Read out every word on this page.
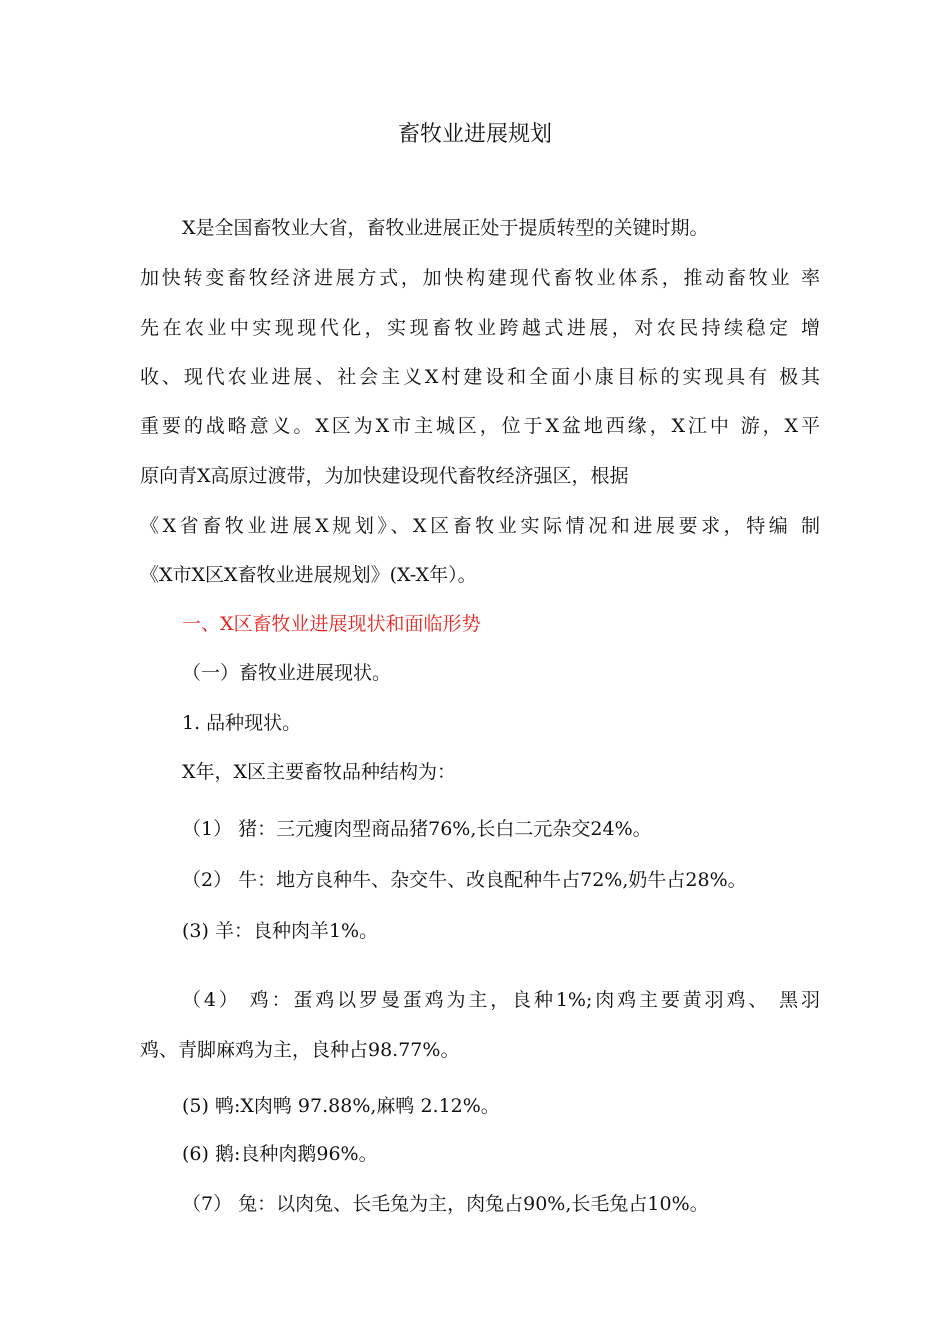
畜牧业进展规划
X是全国畜牧业大省，畜牧业进展正处于提质转型的关键时期。
加快转变畜牧经济进展方式，加快构建现代畜牧业体系，推动畜牧业 率
先在农业中实现现代化，实现畜牧业跨越式进展，对农民持续稳定 增
收、现代农业进展、社会主义X村建设和全面小康目标的实现具有 极其
重要的战略意义。X区为X市主城区，位于X盆地西缘，X江中 游，X平
原向青X高原过渡带，为加快建设现代畜牧经济强区，根据
《X省畜牧业进展X规划》、X区畜牧业实际情况和进展要求，特编 制
《X市X区X畜牧业进展规划》(X-X年）。
一、X区畜牧业进展现状和面临形势
（一）畜牧业进展现状。
1. 品种现状。
X年，X区主要畜牧品种结构为：
（1） 猪：三元瘦肉型商品猪76%,长白二元杂交24%。
（2） 牛：地方良种牛、杂交牛、改良配种牛占72%,奶牛占28%。
(3) 羊：良种肉羊1%。
（4） 鸡：蛋鸡以罗曼蛋鸡为主，良种1%;肉鸡主要黄羽鸡、 黑羽
鸡、青脚麻鸡为主，良种占98.77%。
(5) 鸭:X肉鸭 97.88%,麻鸭 2.12%。
(6) 鹅:良种肉鹅96%。
（7） 兔：以肉兔、长毛兔为主，肉兔占90%,长毛兔占10%。
